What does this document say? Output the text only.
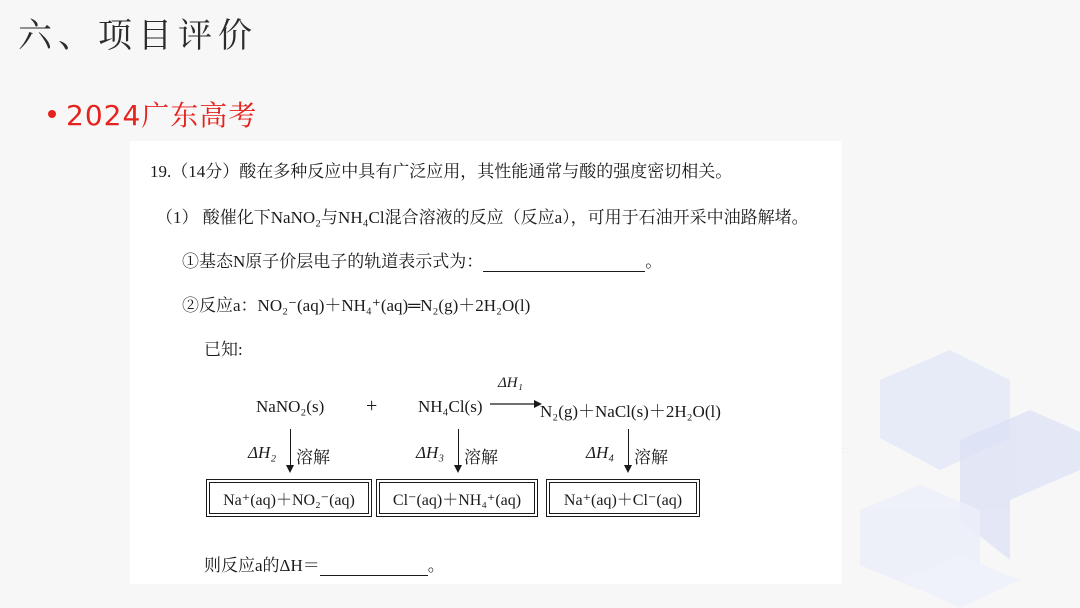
六、项目评价
2024广东高考
19.（14分）酸在多种反应中具有广泛应用，其性能通常与酸的强度密切相关。
（1） 酸催化下NaNO₂与NH₄Cl混合溶液的反应（反应a），可用于石油开采中油路解堵。
①基态N原子价层电子的轨道表示式为：	。
②反应a：NO₂⁻(aq)＋NH₄⁺(aq)═N₂(g)＋2H₂O(l)
已知:
NaNO₂(s) + NH₄Cl(s)
ΔH₁
N₂(g)＋NaCl(s)＋2H₂O(l)
ΔH₂ 溶解
Na⁺(aq)＋NO₂⁻(aq)
ΔH₃ 溶解
Cl⁻(aq)＋NH₄⁺(aq)
ΔH₄ 溶解
Na⁺(aq)＋Cl⁻(aq)
则反应a的ΔH＝	。
